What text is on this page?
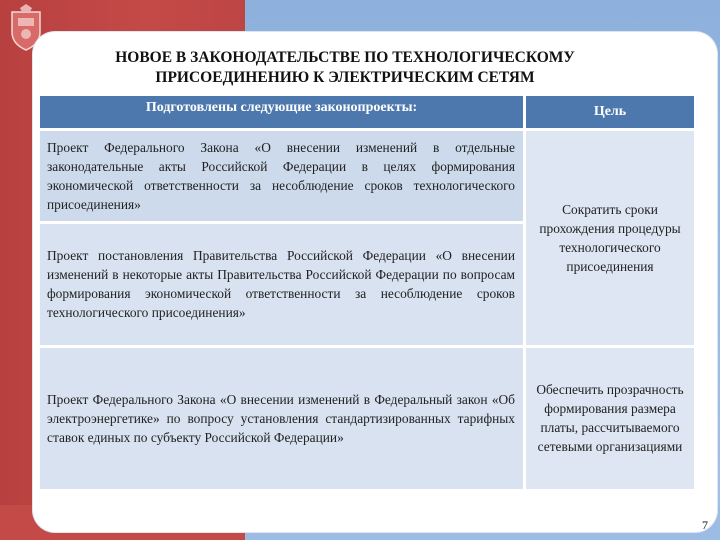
НОВОЕ В ЗАКОНОДАТЕЛЬСТВЕ ПО ТЕХНОЛОГИЧЕСКОМУ ПРИСОЕДИНЕНИЮ К ЭЛЕКТРИЧЕСКИМ СЕТЯМ
Подготовлены следующие законопроекты:	Цель

Проект Федерального Закона «О внесении изменений в отдельные законодательные акты Российской Федерации в целях формирования экономической ответственности за несоблюдение сроков технологического присоединения»	Сократить сроки прохождения процедуры технологического присоединения
Проект постановления Правительства Российской Федерации «О внесении изменений в некоторые акты Правительства Российской Федерации по вопросам формирования экономической ответственности за несоблюдение сроков технологического присоединения»	
Проект Федерального Закона «О внесении изменений в Федеральный закон «Об электроэнергетике» по вопросу установления стандартизированных тарифных ставок единых по субъекту Российской Федерации»	Обеспечить прозрачность формирования размера платы, рассчитываемого сетевыми организациями
7
